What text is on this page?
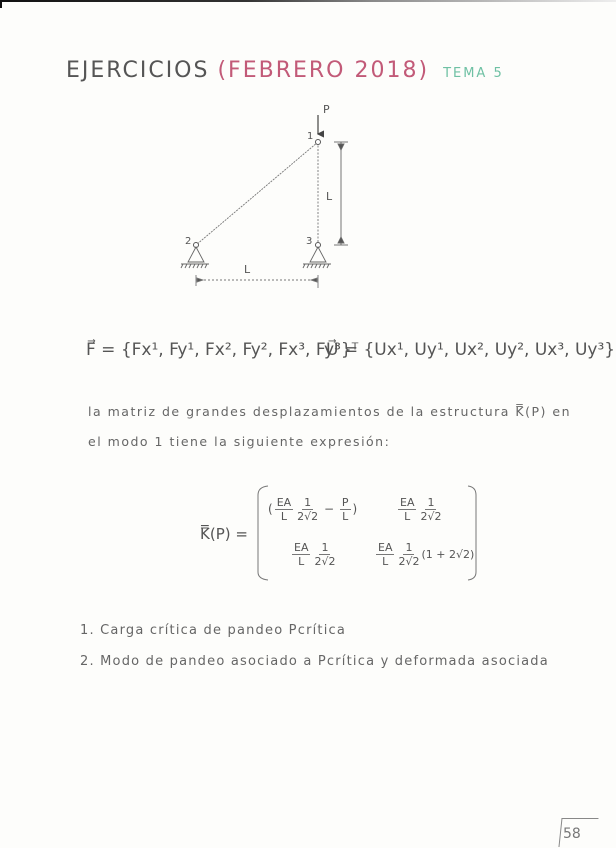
EJERCICIOS (FEBRERO 2018) TEMA 5
P
1
2	3
L
L
F⃗ = {Fx¹, Fy¹, Fx², Fy², Fx³, Fy³}ᵀ
U⃗ = {Ux¹, Uy¹, Ux², Uy², Ux³, Uy³}
la matriz de grandes desplazamientos de la estructura K̿(P) en
el modo 1 tiene la siguiente expresión:
K̿(P) =
( $\frac{EA}{L} \frac{1}{2√2} - \frac{P}{L}$ )	$\frac{EA}{L} \frac{1}{2√2}$
$\frac{EA}{L} \frac{1}{2√2}$	$\frac{EA}{L} \frac{1}{2√2} (1 + 2√2)$
1. Carga crítica de pandeo Pcrítica
2. Modo de pandeo asociado a Pcrítica y deformada asociada
58
